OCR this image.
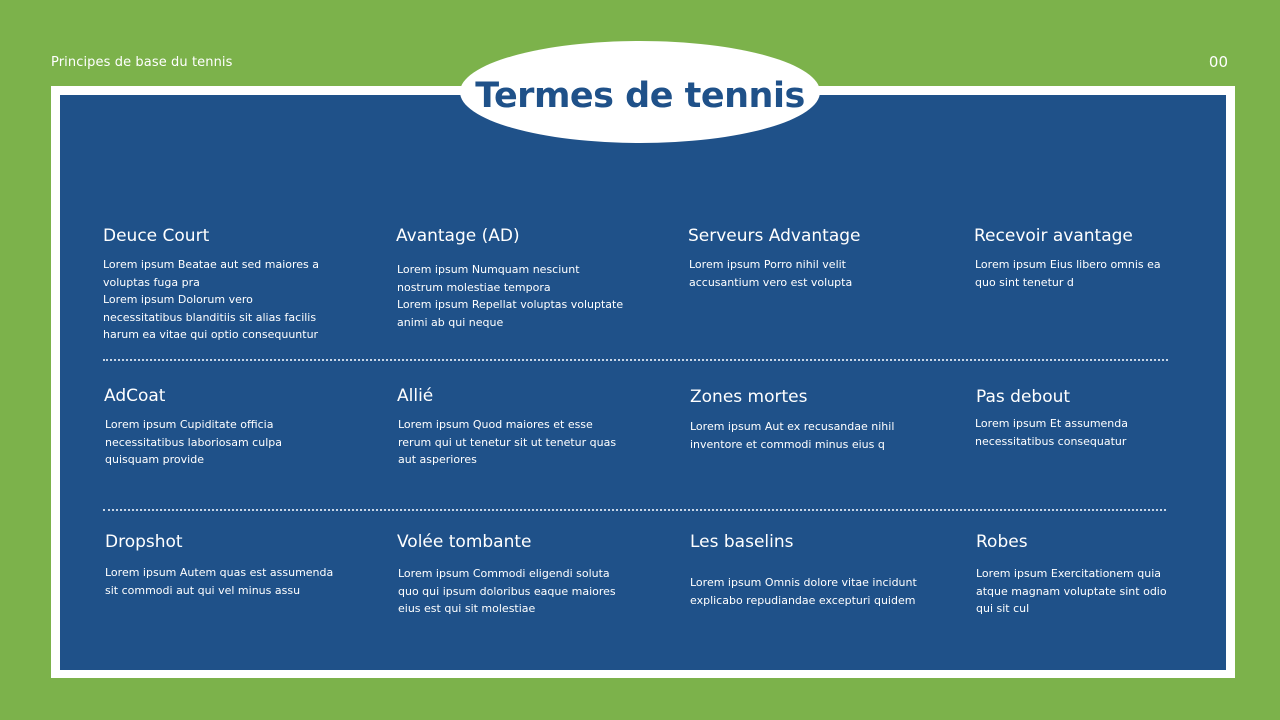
Principes de base du tennis	00
Termes de tennis

Deuce Court

Lorem ipsum Beatae aut sed maiores a
voluptas fuga pra
Lorem ipsum Dolorum vero
necessitatibus blanditiis sit alias facilis
harum ea vitae qui optio consequuntur

Avantage (AD)

Lorem ipsum Numquam nesciunt
nostrum molestiae tempora
Lorem ipsum Repellat voluptas voluptate
animi ab qui neque

Serveurs Advantage

Lorem ipsum Porro nihil velit
accusantium vero est volupta

Recevoir avantage

Lorem ipsum Eius libero omnis ea
quo sint tenetur d

AdCoat

Lorem ipsum Cupiditate officia
necessitatibus laboriosam culpa
quisquam provide

Allié

Lorem ipsum Quod maiores et esse
rerum qui ut tenetur sit ut tenetur quas
aut asperiores

Zones mortes

Lorem ipsum Aut ex recusandae nihil
inventore et commodi minus eius q

Pas debout

Lorem ipsum Et assumenda
necessitatibus consequatur

Dropshot

Lorem ipsum Autem quas est assumenda
sit commodi aut qui vel minus assu

Volée tombante

Lorem ipsum Commodi eligendi soluta
quo qui ipsum doloribus eaque maiores
eius est qui sit molestiae

Les baselins

Lorem ipsum Omnis dolore vitae incidunt
explicabo repudiandae excepturi quidem

Robes

Lorem ipsum Exercitationem quia
atque magnam voluptate sint odio
qui sit cul
